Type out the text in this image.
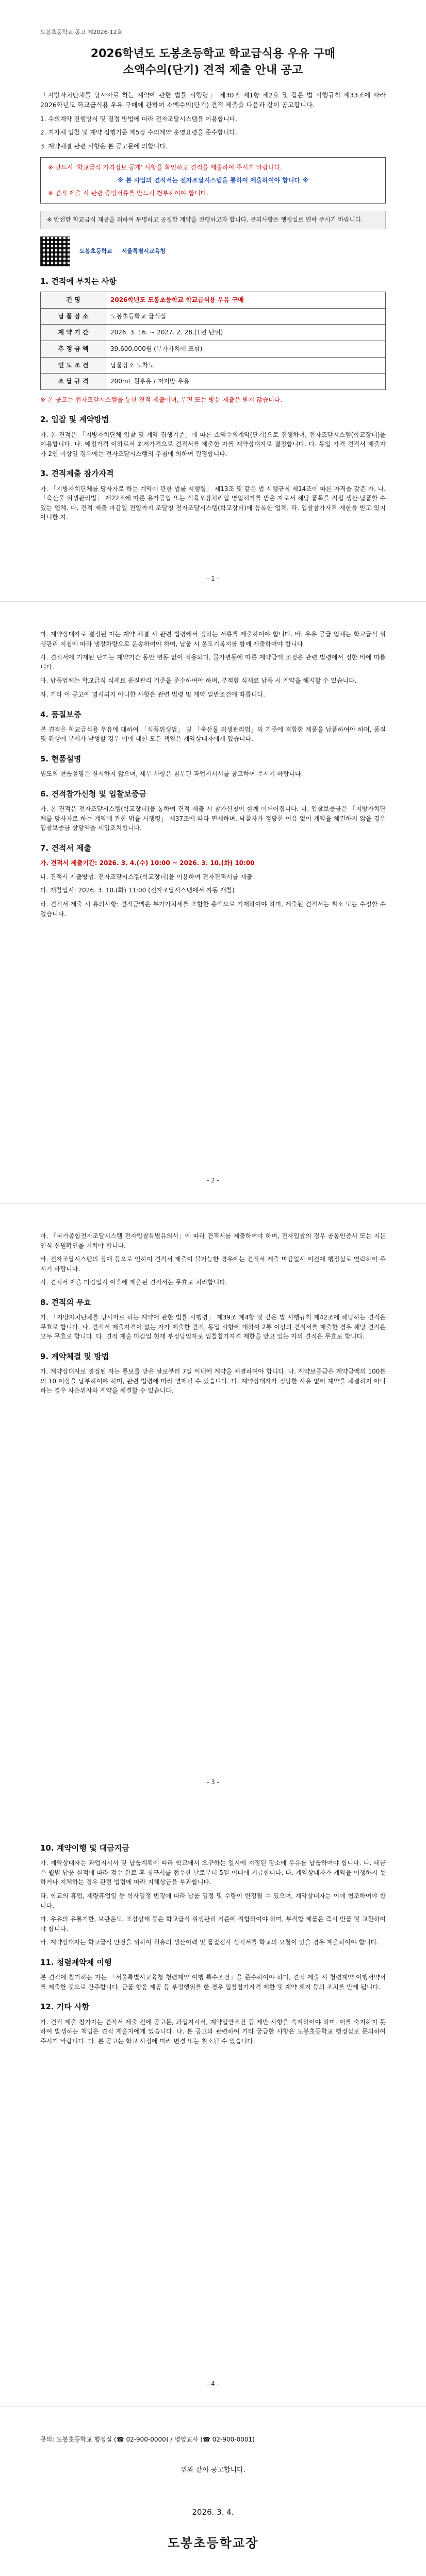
도봉초등학교 공고 제2026-12호
2026학년도 도봉초등학교 학교급식용 우유 구매
소액수의(단기) 견적 제출 안내 공고

「지방자치단체를 당사자로 하는 계약에 관한 법률 시행령」 제30조 제1항 제2호 및 같은 법 시행규칙 제33조에 따라 2026학년도 학교급식용 우유 구매에 관하여 소액수의(단기) 견적 제출을 다음과 같이 공고합니다.

1. 수의계약 진행방식 및 결정 방법에 따라 전자조달시스템을 이용합니다.

2. 지자체 입찰 및 계약 집행기준 제5장 수의계약 운영요령을 준수합니다.

3. 계약체결 관련 사항은 본 공고문에 의합니다.

※ 반드시 ‘학교급식 가격정보 공개’ 사항을 확인하고 견적을 제출하여 주시기 바랍니다.
※ 본 사업의 견적서는 전자조달시스템을 통하여 제출하여야 합니다 ※
※ 견적 제출 시 관련 증빙서류를 반드시 첨부하여야 합니다.
※ 안전한 학교급식 제공을 위하여 투명하고 공정한 계약을 진행하고자 합니다. 문의사항은 행정실로 연락 주시기 바랍니다.
도봉초등학교 서울특별시교육청
1. 견적에 부치는 사항
건 명	2026학년도 도봉초등학교 학교급식용 우유 구매
납 품 장 소	도봉초등학교 급식실
계 약 기 간	2026. 3. 16. ~ 2027. 2. 28.(1년 단위)
추 정 금 액	39,600,000원 (부가가치세 포함)
인 도 조 건	납품장소 도착도
조 달 규 격	200mL 흰우유 / 저지방 우유

※ 본 공고는 전자조달시스템을 통한 견적 제출이며, 우편 또는 방문 제출은 받지 않습니다.

2. 입찰 및 계약방법

가. 본 견적은 「지방자치단체 입찰 및 계약 집행기준」에 따른 소액수의계약(단기)으로 진행하며, 전자조달시스템(학교장터)을 이용합니다. 나. 예정가격 이하로서 최저가격으로 견적서를 제출한 자를 계약상대자로 결정합니다. 다. 동일 가격 견적서 제출자가 2인 이상일 경우에는 전자조달시스템의 추첨에 의하여 결정합니다.

3. 견적제출 참가자격

가. 「지방자치단체를 당사자로 하는 계약에 관한 법률 시행령」 제13조 및 같은 법 시행규칙 제14조에 따른 자격을 갖춘 자. 나. 「축산물 위생관리법」 제22조에 따른 유가공업 또는 식육포장처리업 영업허가를 받은 자로서 해당 품목을 직접 생산·납품할 수 있는 업체. 다. 견적 제출 마감일 전일까지 조달청 전자조달시스템(학교장터)에 등록한 업체. 라. 입찰참가자격 제한을 받고 있지 아니한 자.

- 1 -

마. 계약상대자로 결정된 자는 계약 체결 시 관련 법령에서 정하는 서류를 제출하여야 합니다. 바. 우유 공급 업체는 학교급식 위생관리 지침에 따라 냉장차량으로 운송하여야 하며, 납품 시 온도기록지를 함께 제출하여야 합니다.

사. 견적서에 기재된 단가는 계약기간 동안 변동 없이 적용되며, 물가변동에 따른 계약금액 조정은 관련 법령에서 정한 바에 따릅니다.

아. 납품업체는 학교급식 식재료 품질관리 기준을 준수하여야 하며, 부적합 식재료 납품 시 계약을 해지할 수 있습니다.

자. 기타 이 공고에 명시되지 아니한 사항은 관련 법령 및 계약 일반조건에 따릅니다.

4. 품질보증

본 견적은 학교급식용 우유에 대하여 「식품위생법」 및 「축산물 위생관리법」의 기준에 적합한 제품을 납품하여야 하며, 품질 및 위생에 문제가 발생할 경우 이에 대한 모든 책임은 계약상대자에게 있습니다.

5. 현품설명

별도의 현품설명은 실시하지 않으며, 세부 사항은 첨부된 과업지시서를 참고하여 주시기 바랍니다.

6. 견적참가신청 및 입찰보증금

가. 본 견적은 전자조달시스템(학교장터)을 통하여 견적 제출 시 참가신청이 함께 이루어집니다. 나. 입찰보증금은 「지방자치단체를 당사자로 하는 계약에 관한 법률 시행령」 제37조에 따라 면제하며, 낙찰자가 정당한 이유 없이 계약을 체결하지 않을 경우 입찰보증금 상당액을 세입조치합니다.

7. 견적서 제출

가. 견적서 제출기간: 2026. 3. 4.(수) 10:00 ~ 2026. 3. 10.(화) 10:00

나. 견적서 제출방법: 전자조달시스템(학교장터)을 이용하여 전자견적서를 제출

다. 개찰일시: 2026. 3. 10.(화) 11:00 (전자조달시스템에서 자동 개찰)

라. 견적서 제출 시 유의사항: 견적금액은 부가가치세를 포함한 총액으로 기재하여야 하며, 제출된 견적서는 취소 또는 수정할 수 없습니다.

- 2 -

마. 「국가종합전자조달시스템 전자입찰특별유의서」에 따라 견적서를 제출하여야 하며, 전자입찰의 경우 공동인증서 또는 지문인식 신원확인을 거쳐야 합니다.

바. 전자조달시스템의 장애 등으로 인하여 견적서 제출이 불가능한 경우에는 견적서 제출 마감일시 이전에 행정실로 연락하여 주시기 바랍니다.

사. 견적서 제출 마감일시 이후에 제출된 견적서는 무효로 처리합니다.

8. 견적의 무효

가. 「지방자치단체를 당사자로 하는 계약에 관한 법률 시행령」 제39조 제4항 및 같은 법 시행규칙 제42조에 해당하는 견적은 무효로 합니다. 나. 견적서 제출자격이 없는 자가 제출한 견적, 동일 사항에 대하여 2통 이상의 견적서를 제출한 경우 해당 견적은 모두 무효로 합니다. 다. 견적 제출 마감일 현재 부정당업자로 입찰참가자격 제한을 받고 있는 자의 견적은 무효로 합니다.

9. 계약체결 및 방법

가. 계약상대자로 결정된 자는 통보를 받은 날로부터 7일 이내에 계약을 체결하여야 합니다. 나. 계약보증금은 계약금액의 100분의 10 이상을 납부하여야 하며, 관련 법령에 따라 면제될 수 있습니다. 다. 계약상대자가 정당한 사유 없이 계약을 체결하지 아니하는 경우 차순위자와 계약을 체결할 수 있습니다.

- 3 -
10. 계약이행 및 대금지급

가. 계약상대자는 과업지시서 및 납품계획에 따라 학교에서 요구하는 일시에 지정된 장소에 우유를 납품하여야 합니다. 나. 대금은 월별 납품 실적에 따라 검수 완료 후 청구서를 접수한 날로부터 5일 이내에 지급합니다. 다. 계약상대자가 계약을 이행하지 못하거나 지체하는 경우 관련 법령에 따라 지체상금을 부과합니다.

라. 학교의 휴업, 재량휴업일 등 학사일정 변경에 따라 납품 일정 및 수량이 변경될 수 있으며, 계약상대자는 이에 협조하여야 합니다.

마. 우유의 유통기한, 보관온도, 포장상태 등은 학교급식 위생관리 기준에 적합하여야 하며, 부적합 제품은 즉시 반품 및 교환하여야 합니다.

바. 계약상대자는 학교급식 안전을 위하여 원유의 생산이력 및 품질검사 성적서를 학교의 요청이 있을 경우 제출하여야 합니다.

11. 청렴계약제 이행

본 견적에 참가하는 자는 「서울특별시교육청 청렴계약 이행 특수조건」을 준수하여야 하며, 견적 제출 시 청렴계약 이행서약서를 제출한 것으로 간주합니다. 금품·향응 제공 등 부정행위를 한 경우 입찰참가자격 제한 및 계약 해지 등의 조치를 받게 됩니다.

12. 기타 사항

가. 견적 제출 참가자는 견적서 제출 전에 공고문, 과업지시서, 계약일반조건 등 제반 사항을 숙지하여야 하며, 이를 숙지하지 못하여 발생하는 책임은 견적 제출자에게 있습니다. 나. 본 공고와 관련하여 기타 궁금한 사항은 도봉초등학교 행정실로 문의하여 주시기 바랍니다. 다. 본 공고는 학교 사정에 따라 변경 또는 취소될 수 있습니다.

- 4 -

문의: 도봉초등학교 행정실 (☎ 02-900-0000) / 영양교사 (☎ 02-900-0001)

위와 같이 공고합니다.
2026. 3. 4.
도봉초등학교장
